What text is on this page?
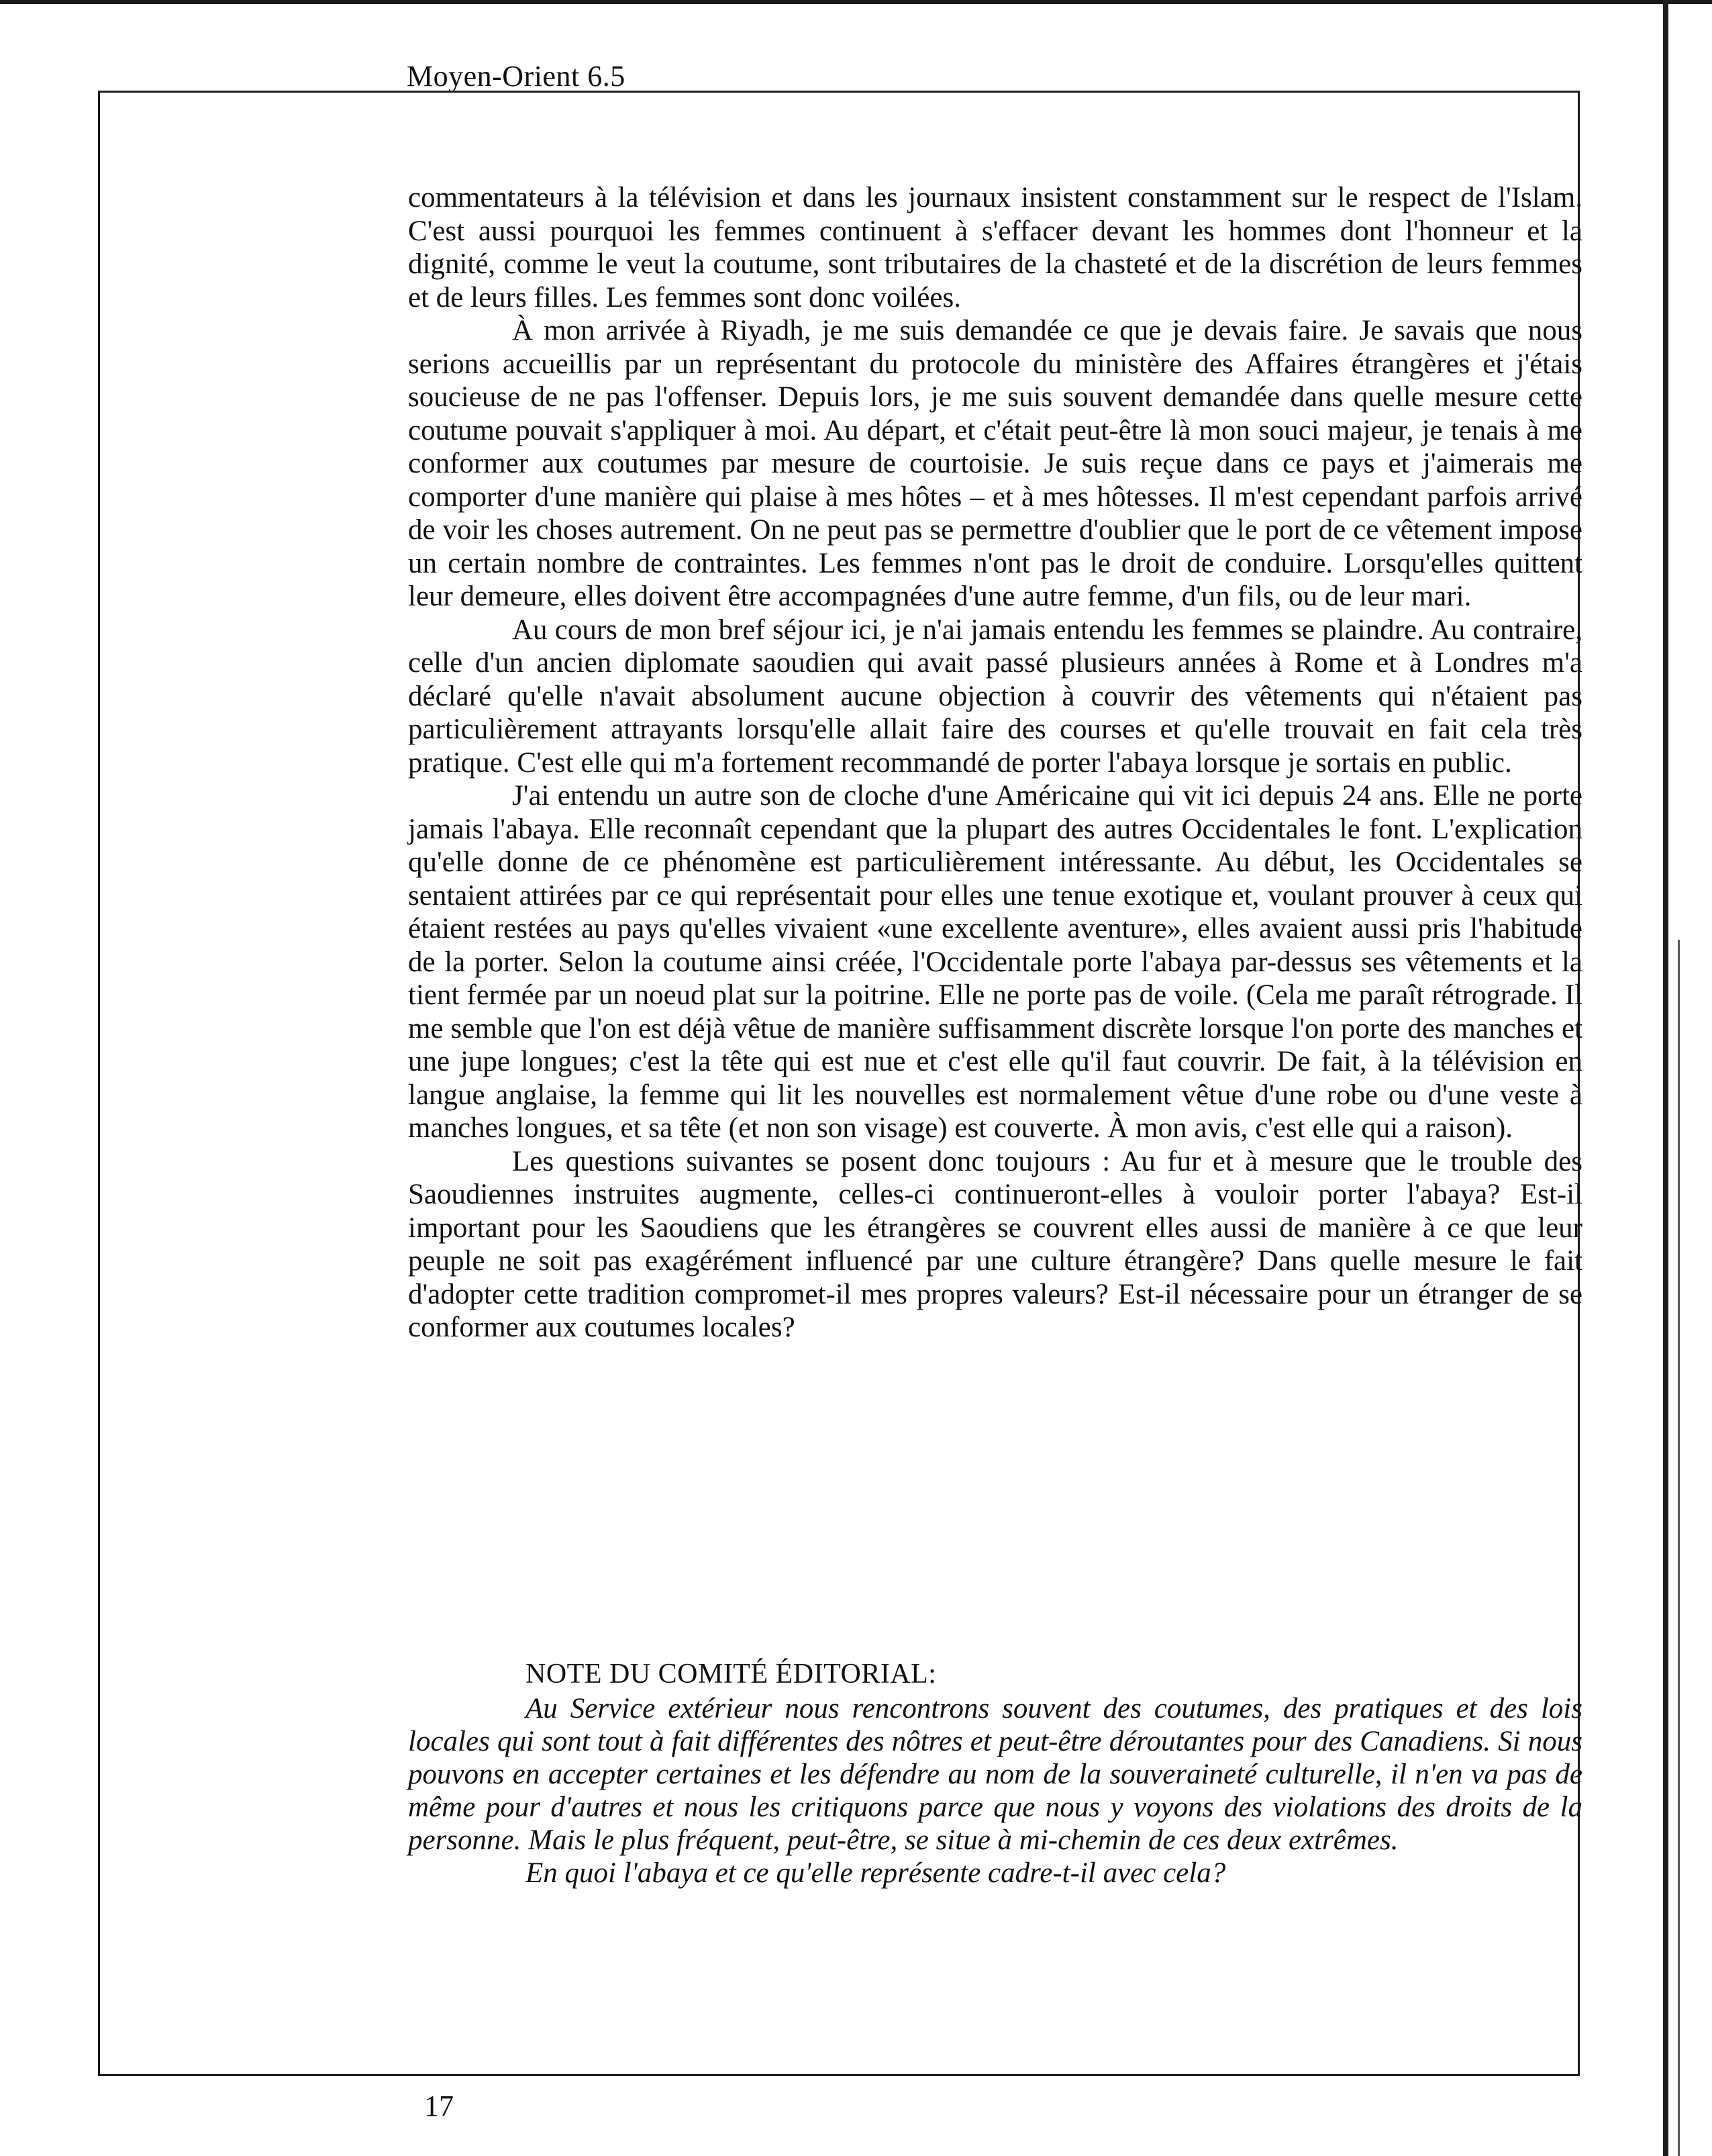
Moyen-Orient 6.5

commentateurs à la télévision et dans les journaux insistent constamment sur le respect de l'Islam. C'est aussi pourquoi les femmes continuent à s'effacer devant les hommes dont l'honneur et la dignité, comme le veut la coutume, sont tributaires de la chasteté et de la discrétion de leurs femmes et de leurs filles. Les femmes sont donc voilées.

À mon arrivée à Riyadh, je me suis demandée ce que je devais faire. Je savais que nous serions accueillis par un représentant du protocole du ministère des Affaires étrangères et j'étais soucieuse de ne pas l'offenser. Depuis lors, je me suis souvent demandée dans quelle mesure cette coutume pouvait s'appliquer à moi. Au départ, et c'était peut-être là mon souci majeur, je tenais à me conformer aux coutumes par mesure de courtoisie. Je suis reçue dans ce pays et j'aimerais me comporter d'une manière qui plaise à mes hôtes – et à mes hôtesses. Il m'est cependant parfois arrivé de voir les choses autrement. On ne peut pas se permettre d'oublier que le port de ce vêtement impose un certain nombre de contraintes. Les femmes n'ont pas le droit de conduire. Lorsqu'elles quittent leur demeure, elles doivent être accompagnées d'une autre femme, d'un fils, ou de leur mari.

Au cours de mon bref séjour ici, je n'ai jamais entendu les femmes se plaindre. Au contraire, celle d'un ancien diplomate saoudien qui avait passé plusieurs années à Rome et à Londres m'a déclaré qu'elle n'avait absolument aucune objection à couvrir des vêtements qui n'étaient pas particulièrement attrayants lorsqu'elle allait faire des courses et qu'elle trouvait en fait cela très pratique. C'est elle qui m'a fortement recommandé de porter l'abaya lorsque je sortais en public.

J'ai entendu un autre son de cloche d'une Américaine qui vit ici depuis 24 ans. Elle ne porte jamais l'abaya. Elle reconnaît cependant que la plupart des autres Occidentales le font. L'explication qu'elle donne de ce phénomène est particulièrement intéressante. Au début, les Occidentales se sentaient attirées par ce qui représentait pour elles une tenue exotique et, voulant prouver à ceux qui étaient restées au pays qu'elles vivaient «une excellente aventure», elles avaient aussi pris l'habitude de la porter. Selon la coutume ainsi créée, l'Occidentale porte l'abaya par-dessus ses vêtements et la tient fermée par un noeud plat sur la poitrine. Elle ne porte pas de voile. (Cela me paraît rétrograde. Il me semble que l'on est déjà vêtue de manière suffisamment discrète lorsque l'on porte des manches et une jupe longues; c'est la tête qui est nue et c'est elle qu'il faut couvrir. De fait, à la télévision en langue anglaise, la femme qui lit les nouvelles est normalement vêtue d'une robe ou d'une veste à manches longues, et sa tête (et non son visage) est couverte. À mon avis, c'est elle qui a raison).

Les questions suivantes se posent donc toujours : Au fur et à mesure que le trouble des Saoudiennes instruites augmente, celles-ci continueront-elles à vouloir porter l'abaya? Est-il important pour les Saoudiens que les étrangères se couvrent elles aussi de manière à ce que leur peuple ne soit pas exagérément influencé par une culture étrangère? Dans quelle mesure le fait d'adopter cette tradition compromet-il mes propres valeurs? Est-il nécessaire pour un étranger de se conformer aux coutumes locales?

NOTE DU COMITÉ ÉDITORIAL:

Au Service extérieur nous rencontrons souvent des coutumes, des pratiques et des lois locales qui sont tout à fait différentes des nôtres et peut-être déroutantes pour des Canadiens. Si nous pouvons en accepter certaines et les défendre au nom de la souveraineté culturelle, il n'en va pas de même pour d'autres et nous les critiquons parce que nous y voyons des violations des droits de la personne. Mais le plus fréquent, peut-être, se situe à mi-chemin de ces deux extrêmes.

En quoi l'abaya et ce qu'elle représente cadre-t-il avec cela?

17
